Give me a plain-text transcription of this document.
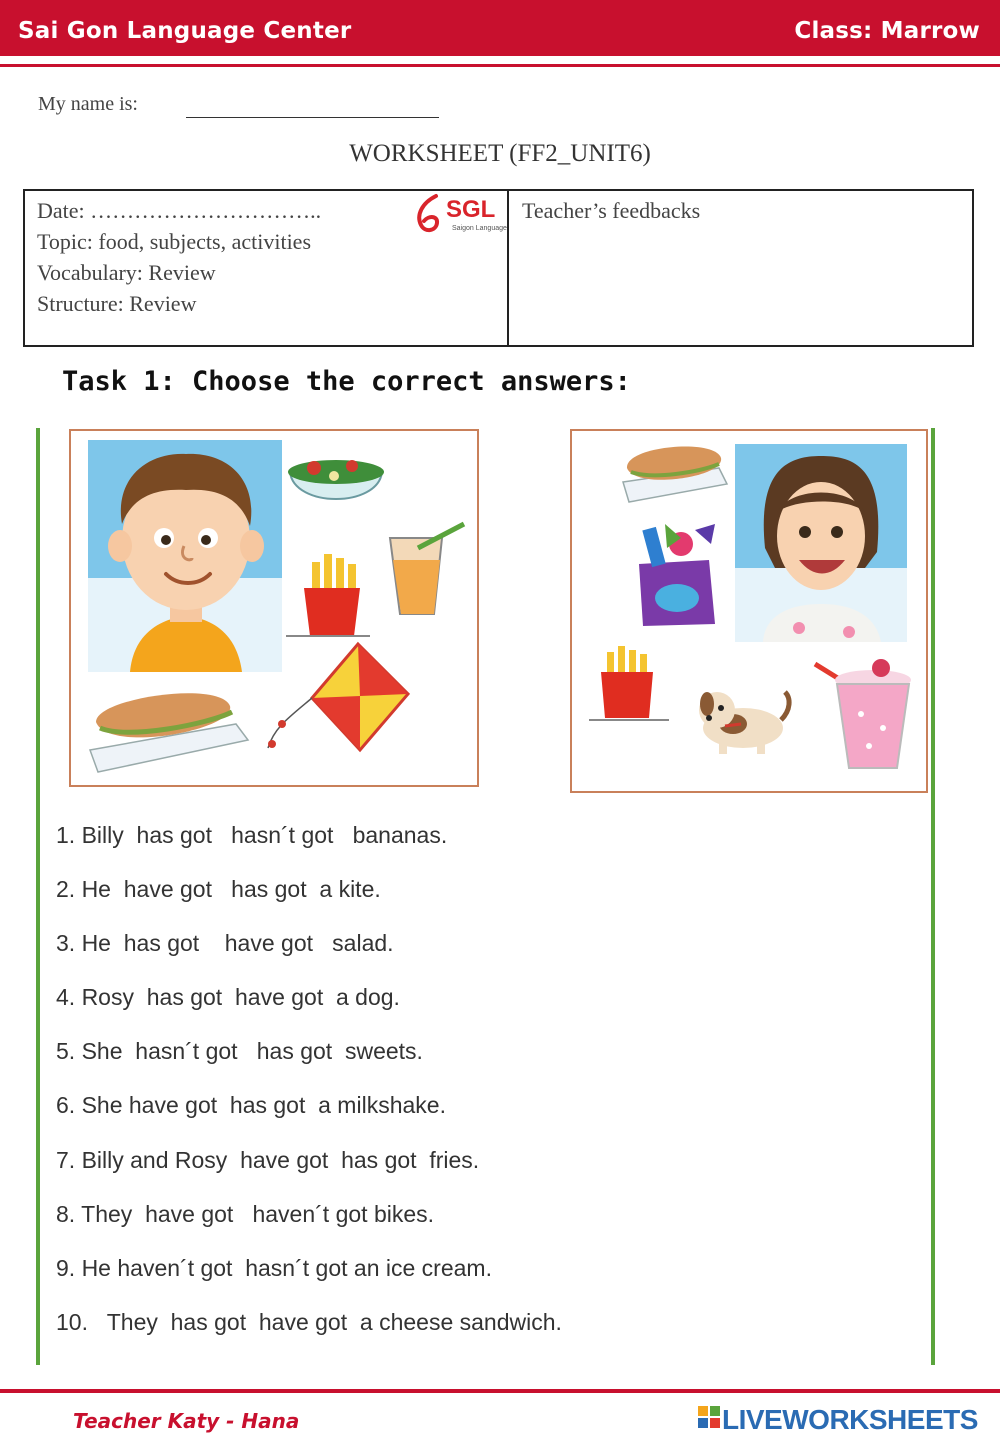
Sai Gon Language Center	Class: Marrow
My name is:
WORKSHEET (FF2_UNIT6)
Date: …………………………..
Topic: food, subjects, activities
Vocabulary: Review
Structure: Review
Teacher’s feedbacks
SGL
Saigon Language
Task 1: Choose the correct answers:
1. Billy  has got   hasn´t got   bananas.
2. He  have got   has got  a kite.
3. He  has got    have got   salad.
4. Rosy  has got  have got  a dog.
5. She  hasn´t got   has got  sweets.
6. She have got  has got  a milkshake.
7. Billy and Rosy  have got  has got  fries.
8. They  have got   haven´t got bikes.
9. He haven´t got  hasn´t got an ice cream.
10.   They  has got  have got  a cheese sandwich.
Teacher Katy - Hana	LIVEWORKSHEETS
